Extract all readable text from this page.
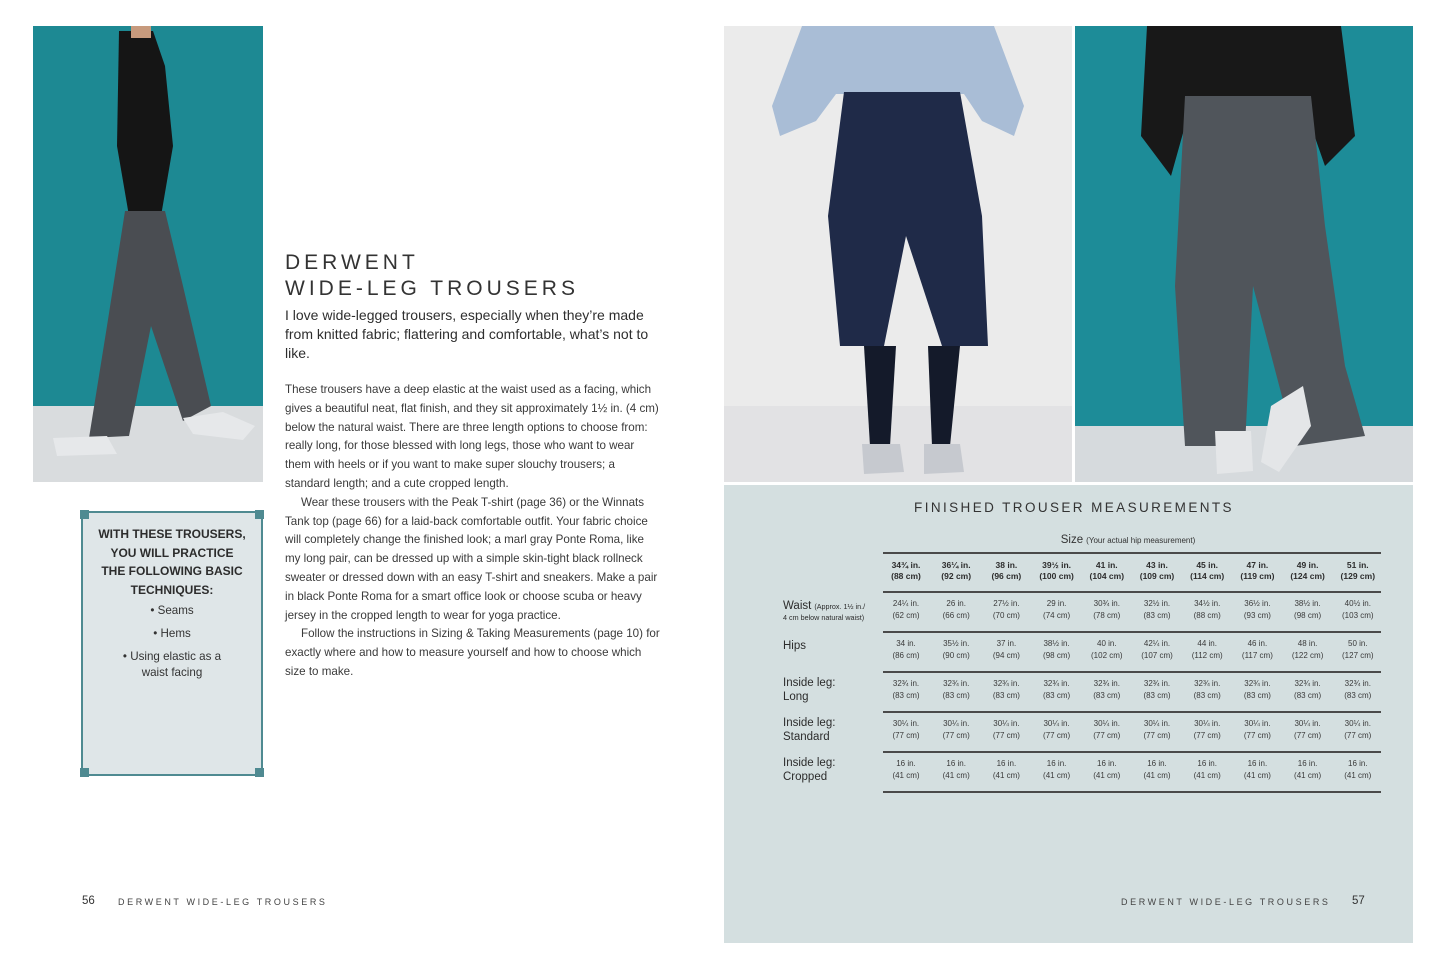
DERWENT
WIDE-LEG TROUSERS

I love wide-legged trousers, especially when they’re made from knitted fabric; flattering and comfortable, what’s not to like.

These trousers have a deep elastic at the waist used as a facing, which gives a beautiful neat, flat finish, and they sit approximately 1½ in. (4 cm) below the natural waist. There are three length options to choose from: really long, for those blessed with long legs, those who want to wear them with heels or if you want to make super slouchy trousers; a standard length; and a cute cropped length.

Wear these trousers with the Peak T-shirt (page 36) or the Winnats Tank top (page 66) for a laid-back comfortable outfit. Your fabric choice will completely change the finished look; a marl gray Ponte Roma, like my long pair, can be dressed up with a simple skin-tight black rollneck sweater or dressed down with an easy T-shirt and sneakers. Make a pair in black Ponte Roma for a smart office look or choose scuba or heavy jersey in the cropped length to wear for yoga practice.

Follow the instructions in Sizing & Taking Measurements (page 10) for exactly where and how to measure yourself and how to choose which size to make.

WITH THESE TROUSERS,
YOU WILL PRACTICE
THE FOLLOWING BASIC
TECHNIQUES:
• Seams
• Hems
• Using elastic as a
waist facing
56	DERWENT WIDE-LEG TROUSERS
FINISHED TROUSER MEASUREMENTS
Size (Your actual hip measurement)
34¾ in.
(88 cm)
36¼ in.
(92 cm)
38 in.
(96 cm)
39½ in.
(100 cm)
41 in.
(104 cm)
43 in.
(109 cm)
45 in.
(114 cm)
47 in.
(119 cm)
49 in.
(124 cm)
51 in.
(129 cm)
Waist (Approx. 1½ in./
4 cm below natural waist)
24¼ in.
(62 cm)
26 in.
(66 cm)
27½ in.
(70 cm)
29 in.
(74 cm)
30¾ in.
(78 cm)
32½ in.
(83 cm)
34½ in.
(88 cm)
36½ in.
(93 cm)
38½ in.
(98 cm)
40½ in.
(103 cm)
Hips	34 in.
(86 cm)
35½ in.
(90 cm)
37 in.
(94 cm)
38½ in.
(98 cm)
40 in.
(102 cm)
42¼ in.
(107 cm)
44 in.
(112 cm)
46 in.
(117 cm)
48 in.
(122 cm)
50 in.
(127 cm)
Inside leg:
Long
32¾ in.
(83 cm)
32¾ in.
(83 cm)
32¾ in.
(83 cm)
32¾ in.
(83 cm)
32¾ in.
(83 cm)
32¾ in.
(83 cm)
32¾ in.
(83 cm)
32¾ in.
(83 cm)
32¾ in.
(83 cm)
32¾ in.
(83 cm)
Inside leg:
Standard
30¼ in.
(77 cm)
30¼ in.
(77 cm)
30¼ in.
(77 cm)
30¼ in.
(77 cm)
30¼ in.
(77 cm)
30¼ in.
(77 cm)
30¼ in.
(77 cm)
30¼ in.
(77 cm)
30¼ in.
(77 cm)
30¼ in.
(77 cm)
Inside leg:
Cropped
16 in.
(41 cm)
16 in.
(41 cm)
16 in.
(41 cm)
16 in.
(41 cm)
16 in.
(41 cm)
16 in.
(41 cm)
16 in.
(41 cm)
16 in.
(41 cm)
16 in.
(41 cm)
16 in.
(41 cm)
DERWENT WIDE-LEG TROUSERS 57
